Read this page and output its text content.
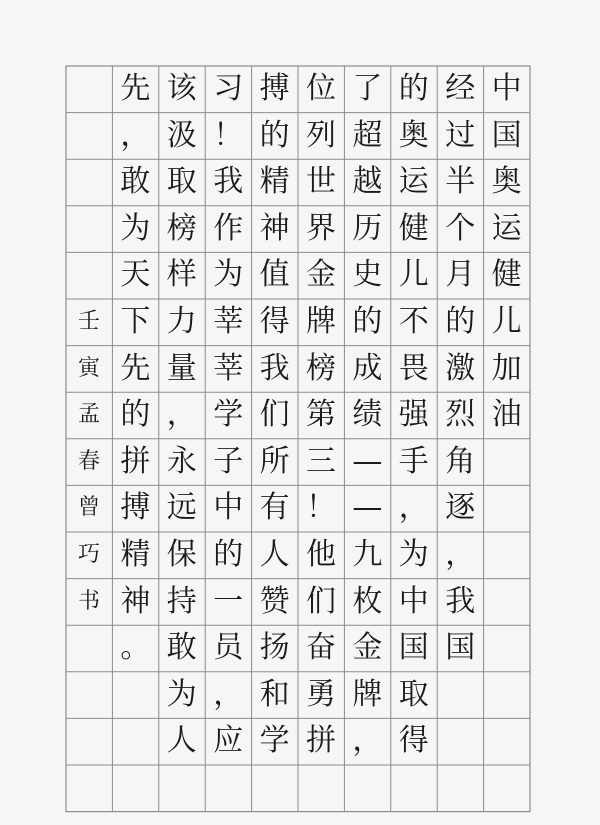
中
国
奥
运
健
儿
加
油
经
过
半
个
月
的
激
烈
角
逐
，
我
国
的
奥
运
健
儿
不
畏
强
手
，
为
中
国
取
得
了
超
越
历
史
的
成
绩
—
—
九
枚
金
牌
，
位
列
世
界
金
牌
榜
第
三
！
他
们
奋
勇
拼
搏
的
精
神
值
得
我
们
所
有
人
赞
扬
和
学
习
！
我
作
为
莘
莘
学
子
中
的
一
员
，
应
该
汲
取
榜
样
力
量
，
永
远
保
持
敢
为
人
先
，
敢
为
天
下
先
的
拼
搏
精
神
。
壬
寅
孟
春
曾
巧
书
